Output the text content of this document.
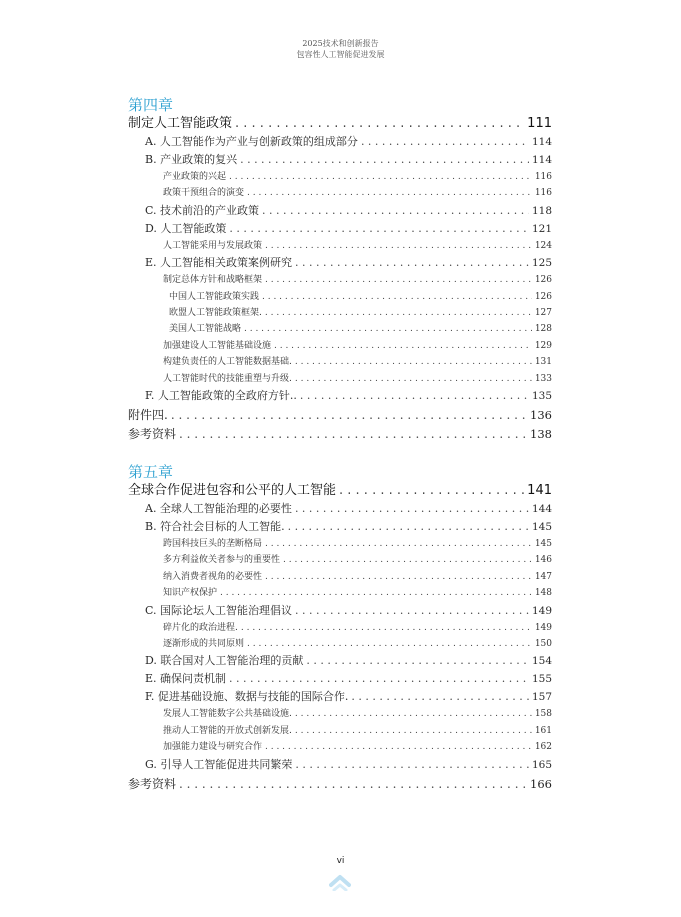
2025技术和创新报告
包容性人工智能促进发展
第四章
制定人工智能政策 . . .	111
A. 人工智能作为产业与创新政策的组成部分 . . .	114
B. 产业政策的复兴 . . .	114
产业政策的兴起 . . .	116
政策干预组合的演变 . . .	116
C. 技术前沿的产业政策 . . .	118
D. 人工智能政策 . . .	121
人工智能采用与发展政策 . . .	124
E. 人工智能相关政策案例研究 . . .	125
制定总体方针和战略框架 . . .	126
中国人工智能政策实践 . . .	126
欧盟人工智能政策框架. . . .	127
美国人工智能战略 . . .	128
加强建设人工智能基础设施 . . .	129
构建负责任的人工智能数据基础. . . .	131
人工智能时代的技能重塑与升级. . . .	133
F. 人工智能政策的全政府方针.. . . .	135
附件四. . . .	136
参考资料 . . .	138
第五章
全球合作促进包容和公平的人工智能 . . .	141
A. 全球人工智能治理的必要性 . . .	144
B. 符合社会目标的人工智能. . . .	145
跨国科技巨头的垄断格局 . . .	145
多方利益攸关者参与的重要性 . . .	146
纳入消费者视角的必要性 . . .	147
知识产权保护 . . .	148
C. 国际论坛人工智能治理倡议 . . .	149
碎片化的政治进程. . . .	149
逐渐形成的共同原则 . . .	150
D. 联合国对人工智能治理的贡献 . . .	154
E. 确保问责机制 . . .	155
F. 促进基础设施、数据与技能的国际合作. . . .	157
发展人工智能数字公共基础设施. . . .	158
推动人工智能的开放式创新发展. . . .	161
加强能力建设与研究合作 . . .	162
G. 引导人工智能促进共同繁荣 . . .	165
参考资料 . . .	166
vi
